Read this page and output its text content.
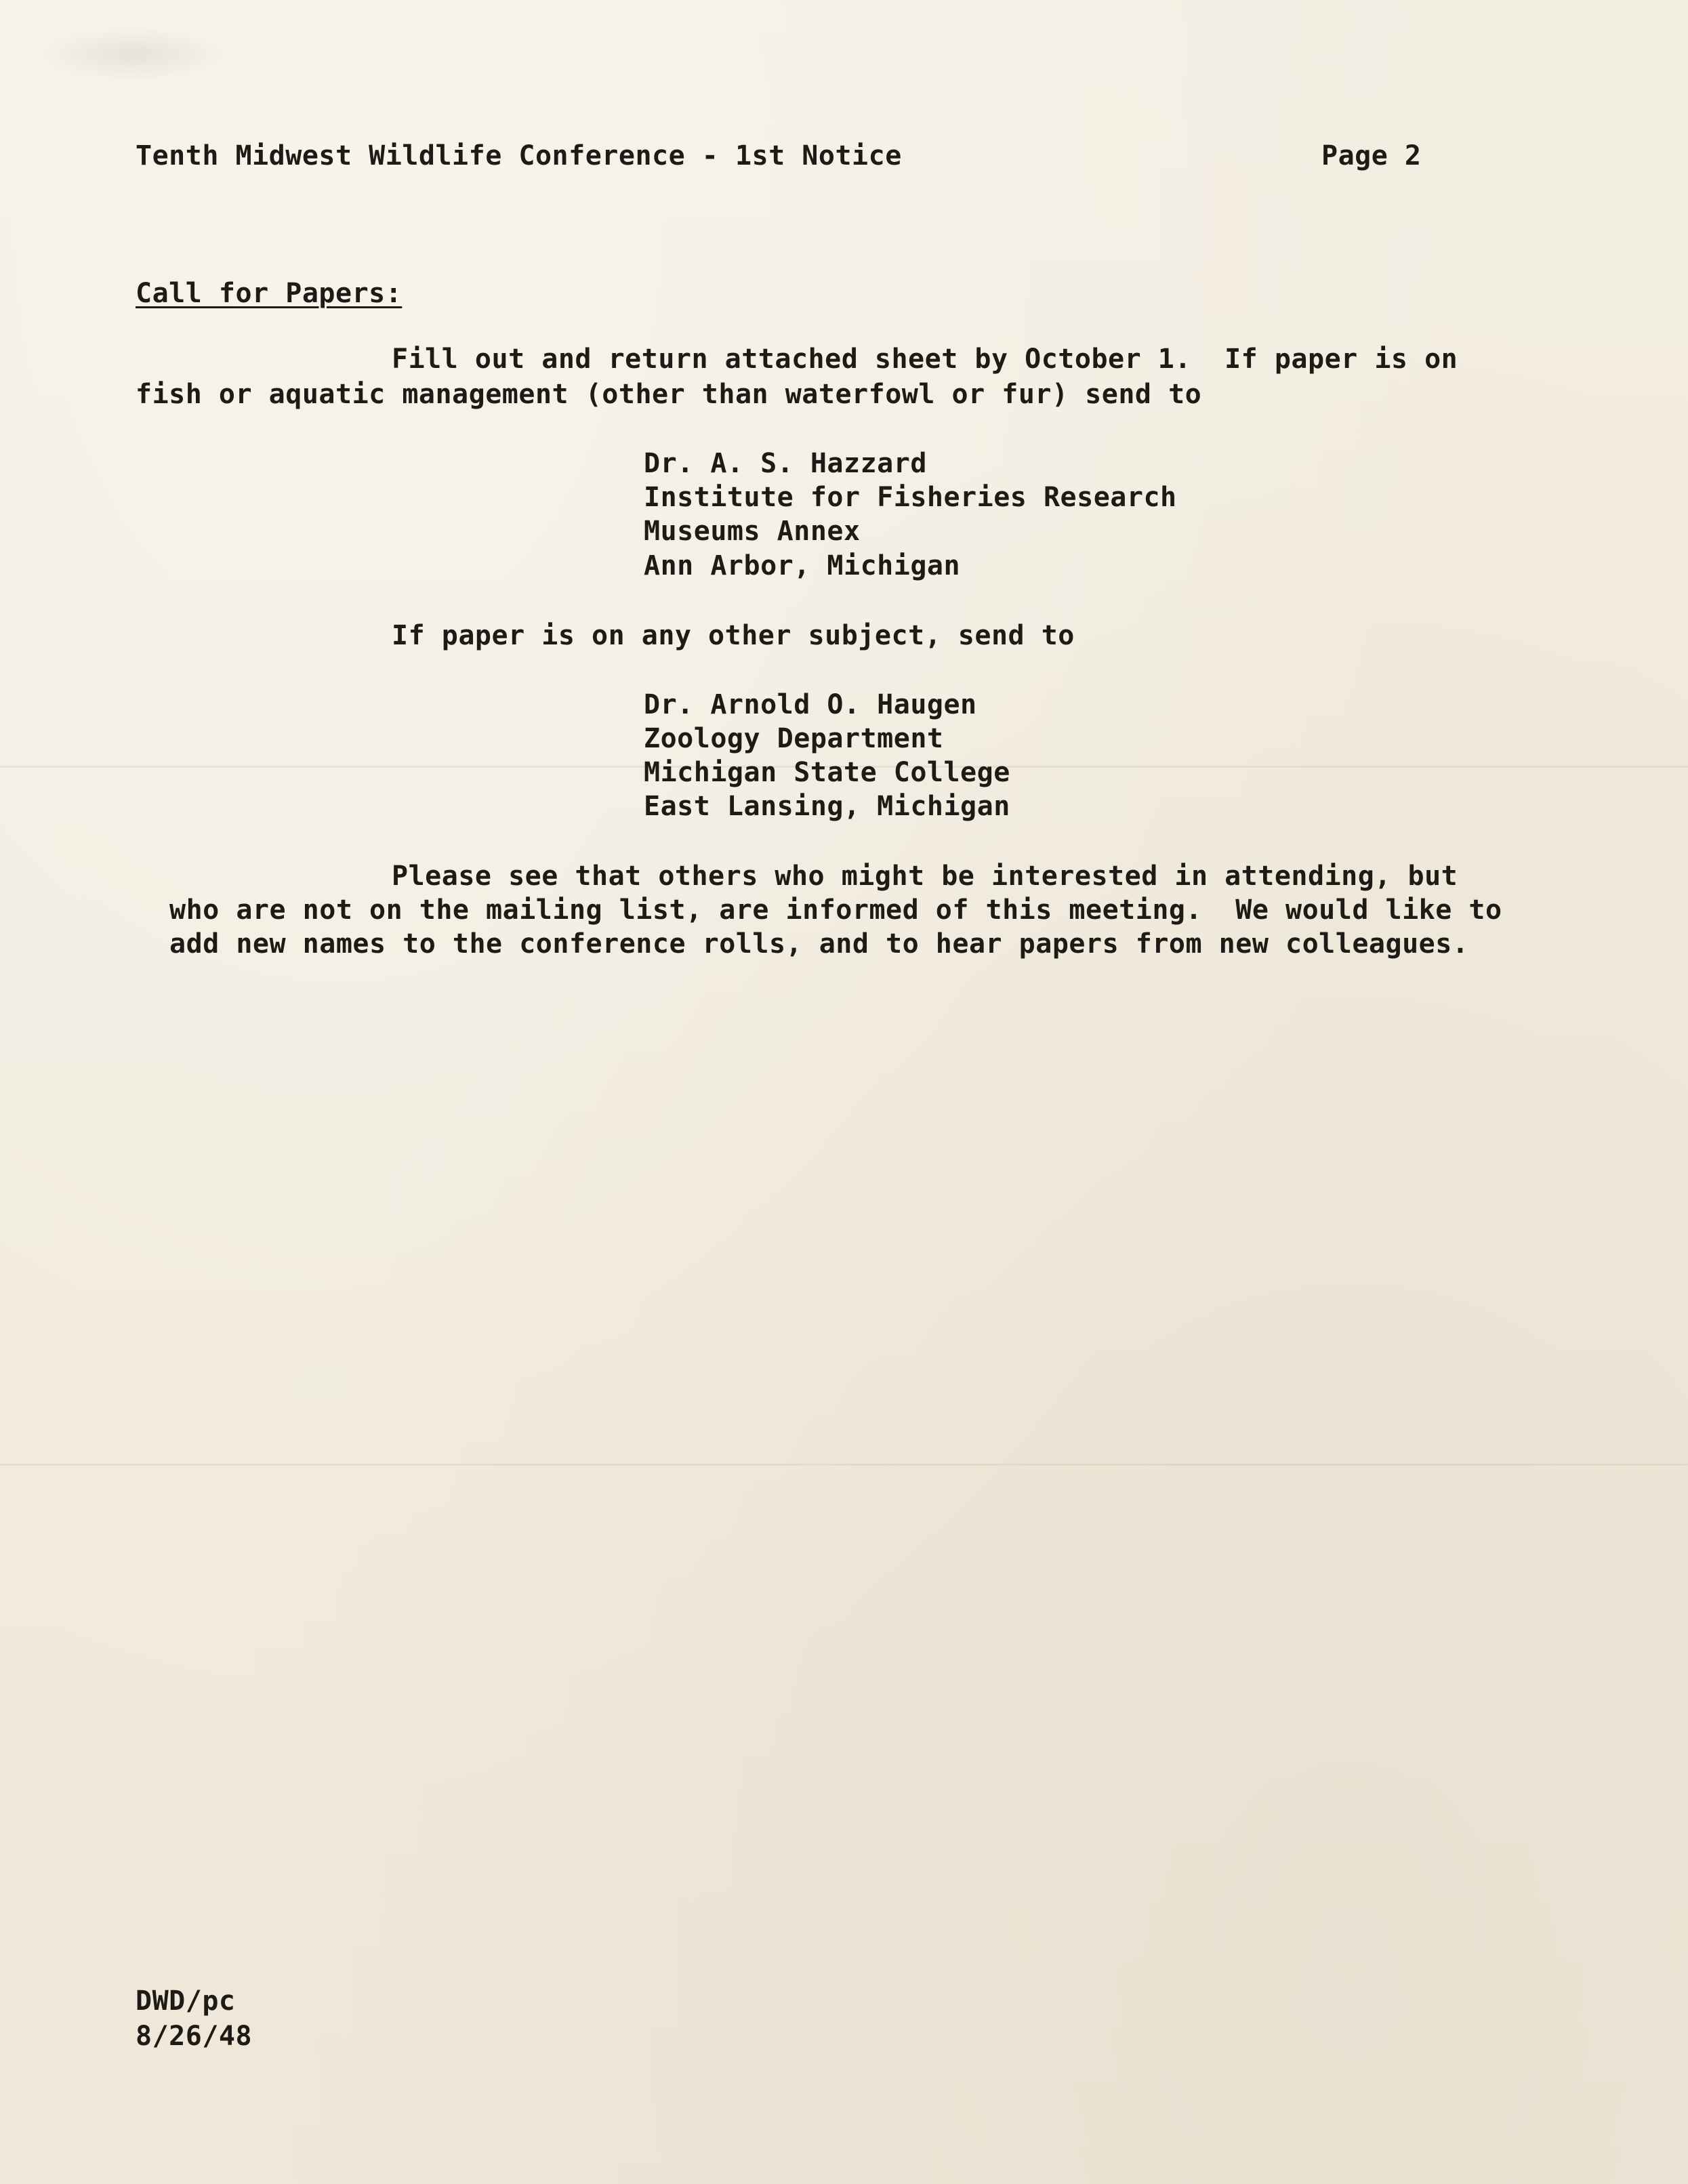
Tenth Midwest Wildlife Conference - 1st Notice	Page 2
Call for Papers:
Fill out and return attached sheet by October 1.  If paper is on
fish or aquatic management (other than waterfowl or fur) send to
Dr. A. S. Hazzard
Institute for Fisheries Research
Museums Annex
Ann Arbor, Michigan
If paper is on any other subject, send to
Dr. Arnold O. Haugen
Zoology Department
Michigan State College
East Lansing, Michigan
Please see that others who might be interested in attending, but
who are not on the mailing list, are informed of this meeting.  We would like to
add new names to the conference rolls, and to hear papers from new colleagues.
DWD/pc
8/26/48
